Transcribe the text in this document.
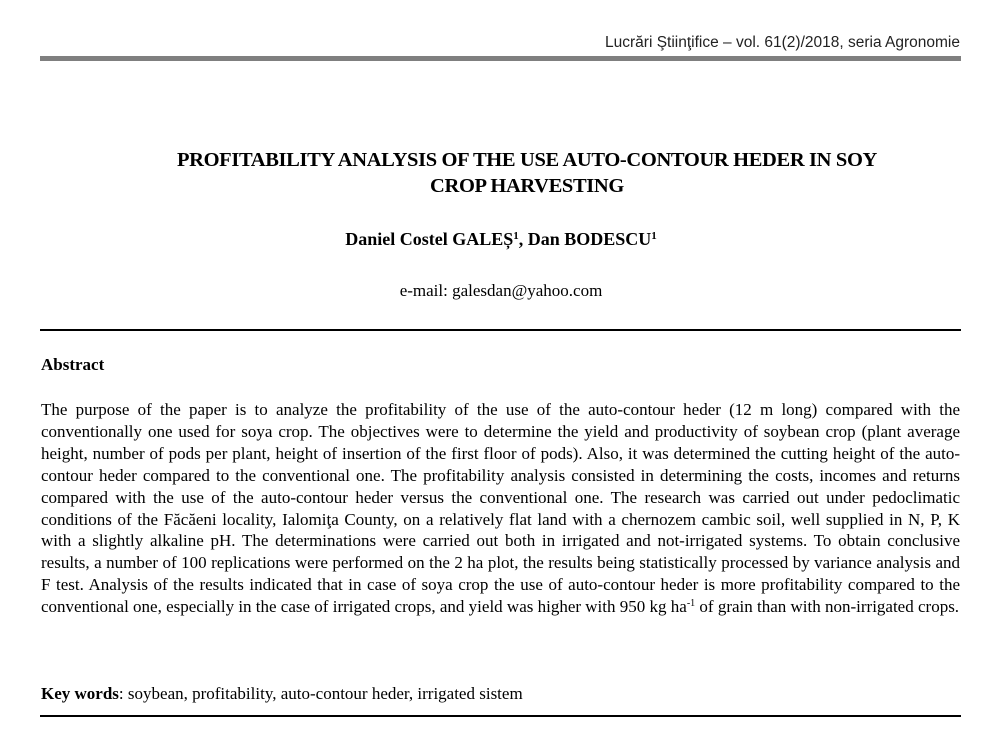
Lucrări Ştiinţifice – vol. 61(2)/2018, seria Agronomie
PROFITABILITY ANALYSIS OF THE USE AUTO-CONTOUR HEDER IN SOY
CROP HARVESTING
Daniel Costel GALEȘ$^1$, Dan BODESCU$^1$
e-mail: galesdan@yahoo.com
Abstract

The purpose of the paper is to analyze the profitability of the use of the auto-contour heder (12 m long) compared with the conventionally one used for soya crop. The objectives were to determine the yield and productivity of soybean crop (plant average height, number of pods per plant, height of insertion of the first floor of pods). Also, it was determined the cutting height of the auto-contour heder compared to the conventional one. The profitability analysis consisted in determining the costs, incomes and returns compared with the use of the auto-contour heder versus the conventional one. The research was carried out under pedoclimatic conditions of the Făcăeni locality, Ialomiţa County, on a relatively flat land with a chernozem cambic soil, well supplied in N, P, K with a slightly alkaline pH. The determinations were carried out both in irrigated and not-irrigated systems. To obtain conclusive results, a number of 100 replications were performed on the 2 ha plot, the results being statistically processed by variance analysis and F test. Analysis of the results indicated that in case of soya crop the use of auto-contour heder is more profitability compared to the conventional one, especially in the case of irrigated crops, and yield was higher with 950 kg $ha^{-1}$ of grain than with non-irrigated crops.

Key words: soybean, profitability, auto-contour heder, irrigated sistem
